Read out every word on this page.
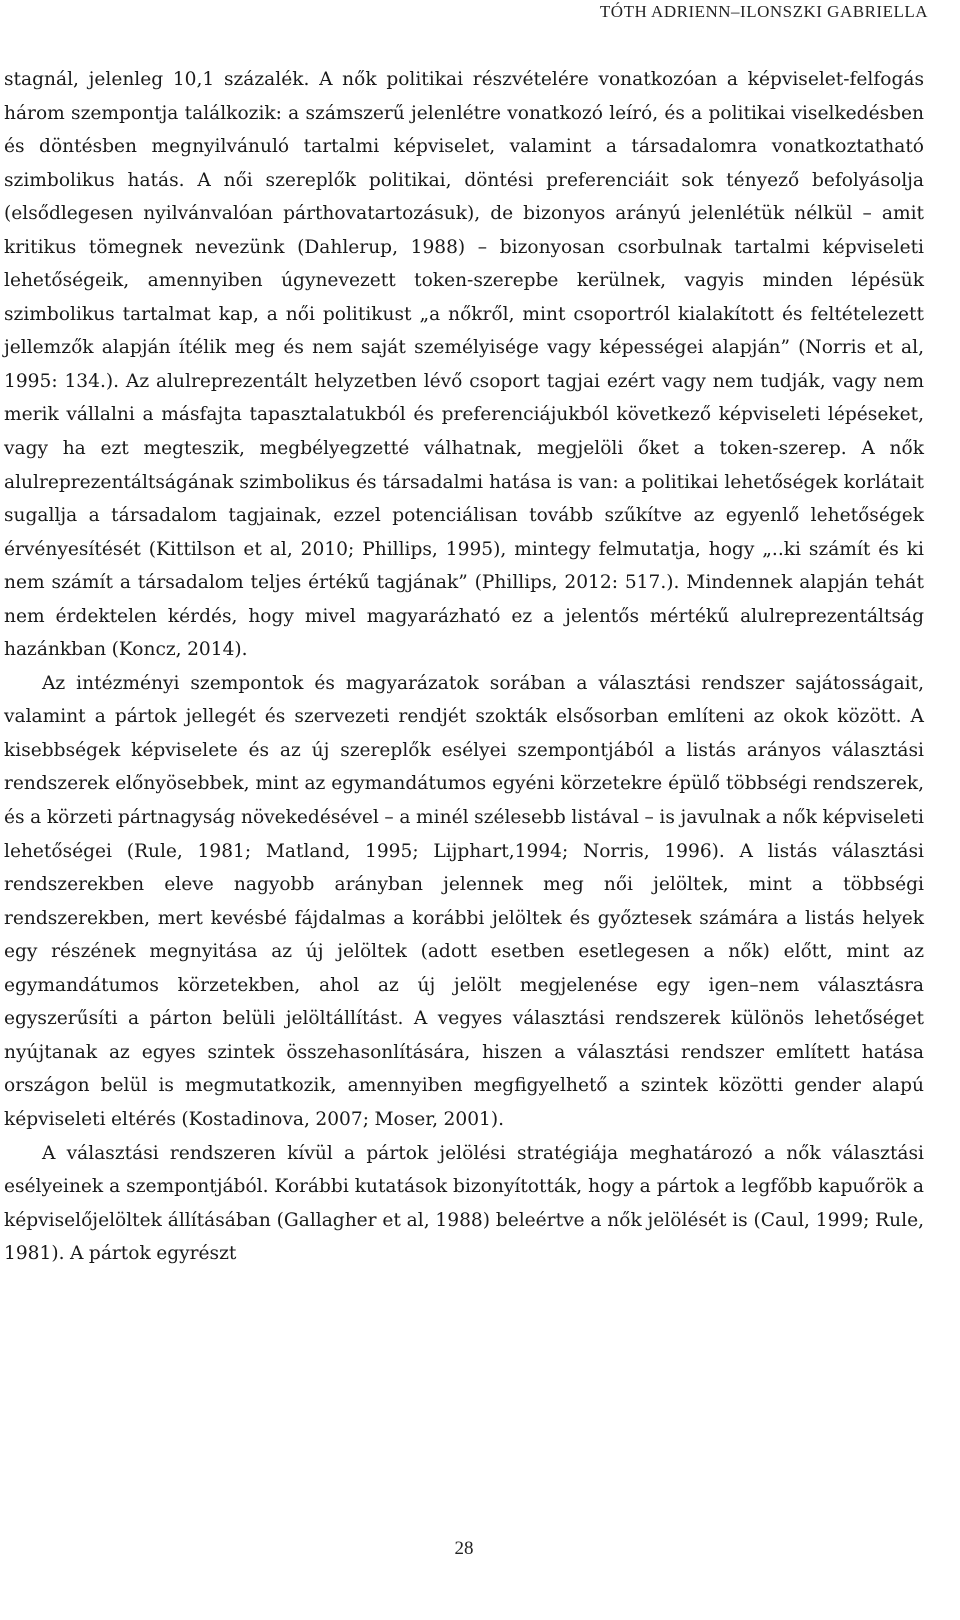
TÓTH ADRIENN–ILONSZKI GABRIELLA

stagnál, jelenleg 10,1 százalék. A nők politikai részvételére vonatkozóan a képviselet-felfogás három szempontja találkozik: a számszerű jelenlétre vonatkozó leíró, és a politikai viselkedésben és döntésben megnyilvánuló tartalmi képviselet, valamint a társadalomra vonatkoztatható szimbolikus hatás. A női szereplők politikai, döntési preferenciáit sok tényező befolyásolja (elsődlegesen nyilvánvalóan párthovatartozásuk), de bizonyos arányú jelenlétük nélkül – amit kritikus tömegnek nevezünk (Dahlerup, 1988) – bizonyosan csorbulnak tartalmi képviseleti lehetőségeik, amennyiben úgynevezett token-szerepbe kerülnek, vagyis minden lépésük szimbolikus tartalmat kap, a női politikust „a nőkről, mint csoportról kialakított és feltételezett jellemzők alapján ítélik meg és nem saját személyisége vagy képességei alapján” (Norris et al, 1995: 134.). Az alulreprezentált helyzetben lévő csoport tagjai ezért vagy nem tudják, vagy nem merik vállalni a másfajta tapasztalatukból és preferenciájukból következő képviseleti lépéseket, vagy ha ezt megteszik, megbélyegzetté válhatnak, megjelöli őket a token-szerep. A nők alulreprezentáltságának szimbolikus és társadalmi hatása is van: a politikai lehetőségek korlátait sugallja a társadalom tagjainak, ezzel potenciálisan tovább szűkítve az egyenlő lehetőségek érvényesítését (Kittilson et al, 2010; Phillips, 1995), mintegy felmutatja, hogy „..ki számít és ki nem számít a társadalom teljes értékű tagjának” (Phillips, 2012: 517.). Mindennek alapján tehát nem érdektelen kérdés, hogy mivel magyarázható ez a jelentős mértékű alulreprezentáltság hazánkban (Koncz, 2014).

Az intézményi szempontok és magyarázatok sorában a választási rendszer sajátosságait, valamint a pártok jellegét és szervezeti rendjét szokták elsősorban említeni az okok között. A kisebbségek képviselete és az új szereplők esélyei szempontjából a listás arányos választási rendszerek előnyösebbek, mint az egymandátumos egyéni körzetekre épülő többségi rendszerek, és a körzeti pártnagyság növekedésével – a minél szélesebb listával – is javulnak a nők képviseleti lehetőségei (Rule, 1981; Matland, 1995; Lijphart,1994; Norris, 1996). A listás választási rendszerekben eleve nagyobb arányban jelennek meg női jelöltek, mint a többségi rendszerekben, mert kevésbé fájdalmas a korábbi jelöltek és győztesek számára a listás helyek egy részének megnyitása az új jelöltek (adott esetben esetlegesen a nők) előtt, mint az egymandátumos körzetekben, ahol az új jelölt megjelenése egy igen–nem választásra egyszerűsíti a párton belüli jelöltállítást. A vegyes választási rendszerek különös lehetőséget nyújtanak az egyes szintek összehasonlítására, hiszen a választási rendszer említett hatása országon belül is megmutatkozik, amennyiben megfigyelhető a szintek közötti gender alapú képviseleti eltérés (Kostadinova, 2007; Moser, 2001).

A választási rendszeren kívül a pártok jelölési stratégiája meghatározó a nők választási esélyeinek a szempontjából. Korábbi kutatások bizonyították, hogy a pártok a legfőbb kapuőrök a képviselőjelöltek állításában (Gallagher et al, 1988) beleértve a nők jelölését is (Caul, 1999; Rule, 1981). A pártok egyrészt

28
